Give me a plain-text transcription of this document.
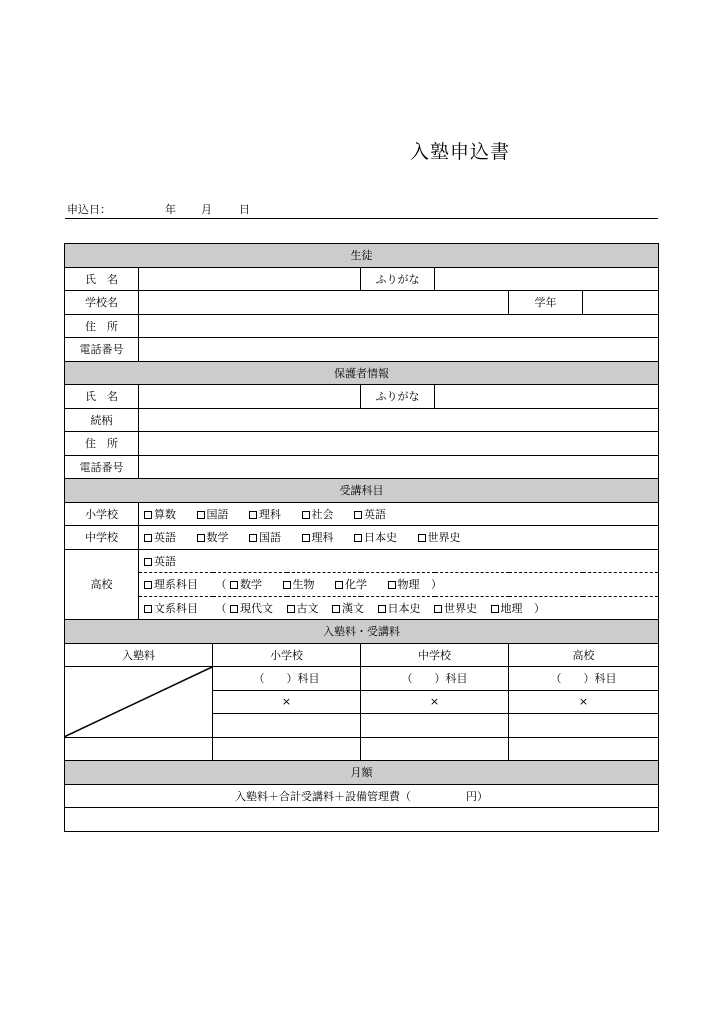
入塾申込書
申込日：	年 月 日
生徒						
氏　名			ふりがな			
学校名					学年	
住　所						
電話番号						
保護者情報						
氏　名			ふりがな			
続柄						
住　所						
電話番号						
受講科目						
小学校	算数 国語 理科 社会 英語					
中学校	英語 数学 国語 理科 日本史 世界史					
高校	英語					
	理系科目 （ 数学 生物 化学 物理 ）					
	文系科目 （ 現代文 古文 漢文 日本史 世界史 地理 ）					
入塾料・受講料						
入塾料		小学校	中学校		高校	

	（　　）科目	（　　）科目		（　　）科目	
		×	×		×	

月額						
入塾料＋合計受講料＋設備管理費（　　　　　円）						
